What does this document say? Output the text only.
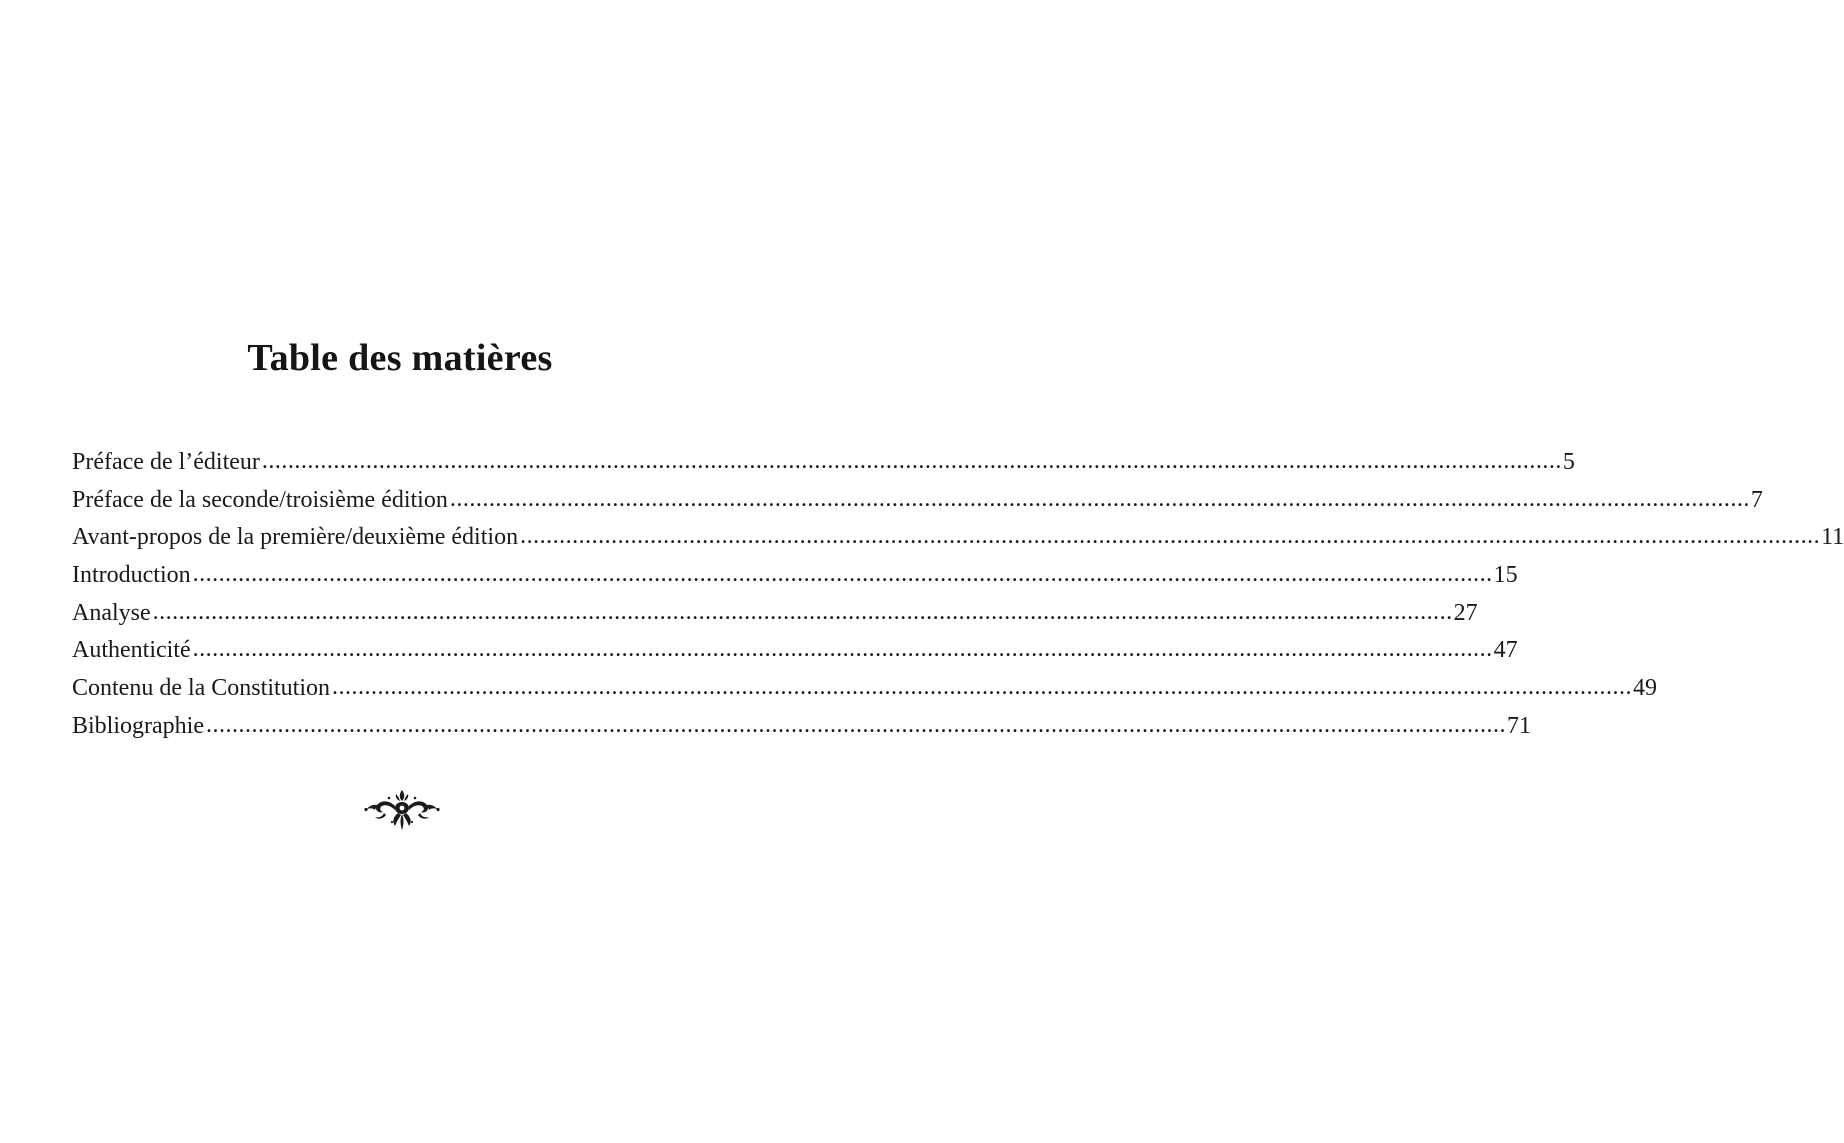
Table des matières
Préface de l’éditeur ........................................................................................................................................................................................................ 5
Préface de la seconde/troisième édition ........................................................................................................................................................................................................ 7
Avant-propos de la première/deuxième édition ........................................................................................................................................................................................................ 11
Introduction ........................................................................................................................................................................................................ 15
Analyse ........................................................................................................................................................................................................ 27
Authenticité ........................................................................................................................................................................................................ 47
Contenu de la Constitution ........................................................................................................................................................................................................ 49
Bibliographie ........................................................................................................................................................................................................ 71
